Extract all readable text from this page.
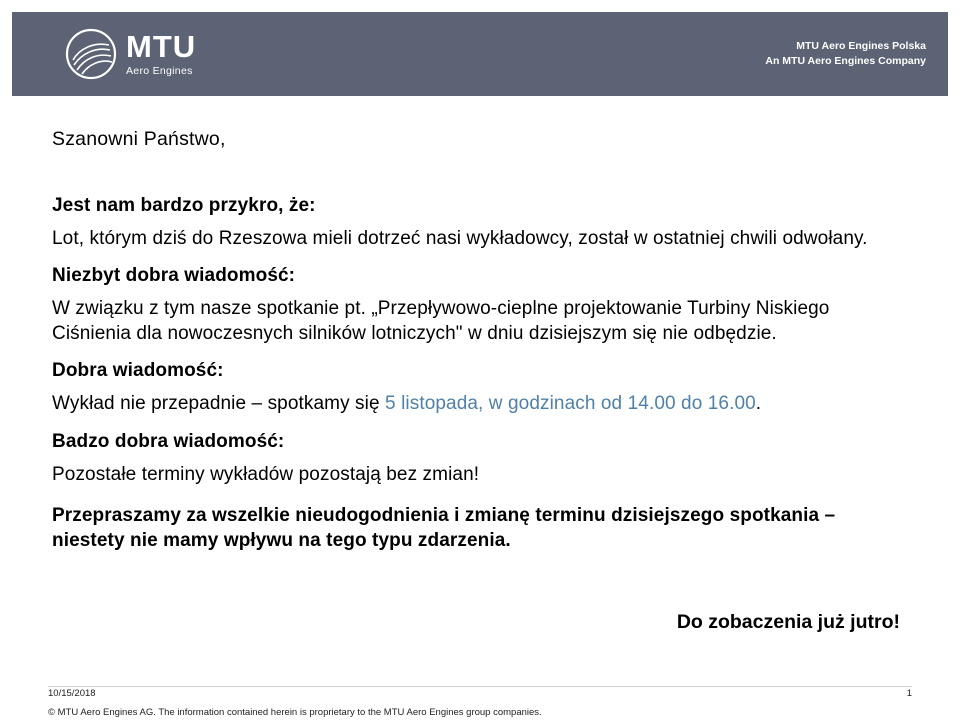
MTU
Aero Engines
MTU Aero Engines Polska
An MTU Aero Engines Company

Szanowni Państwo,

Jest nam bardzo przykro, że:

Lot, którym dziś do Rzeszowa mieli dotrzeć nasi wykładowcy, został w ostatniej chwili odwołany.

Niezbyt dobra wiadomość:

W związku z tym nasze spotkanie pt. „Przepływowo-cieplne projektowanie Turbiny Niskiego Ciśnienia dla nowoczesnych silników lotniczych" w dniu dzisiejszym się nie odbędzie.

Dobra wiadomość:

Wykład nie przepadnie – spotkamy się 5 listopada, w godzinach od 14.00 do 16.00.

Badzo dobra wiadomość:

Pozostałe terminy wykładów pozostają bez zmian!

Przepraszamy za wszelkie nieudogodnienia i zmianę terminu dzisiejszego spotkania – niestety nie mamy wpływu na tego typu zdarzenia.

Do zobaczenia już jutro!

10/15/2018	1
© MTU Aero Engines AG. The information contained herein is proprietary to the MTU Aero Engines group companies.
